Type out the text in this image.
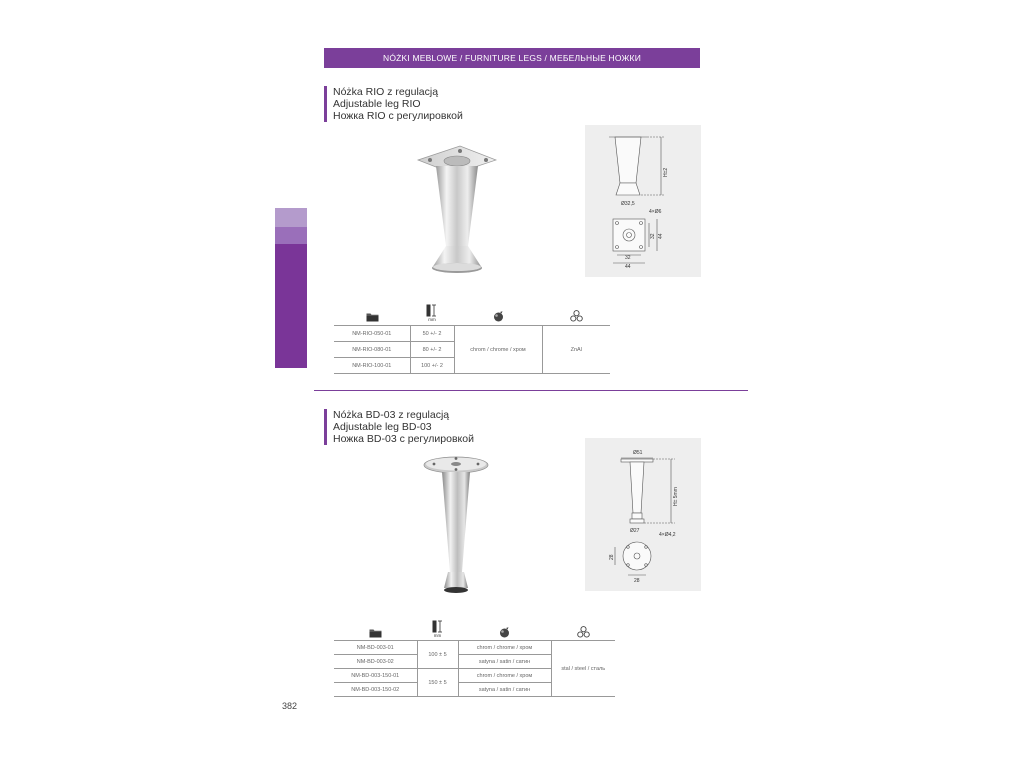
NÓŻKI MEBLOWE / FURNITURE LEGS / МЕБЕЛЬНЫЕ НОЖКИ
Nóżka RIO z regulacją
Adjustable leg RIO
Ножка RIO с регулировкой
H±2
Ø32,5
4×Ø6
32 44
32
44
mm
NM-RIO-050-01	50 +/- 2	chrom / chrome / хром	ZnAl
NM-RIO-080-01	80 +/- 2		
NM-RIO-100-01	100 +/- 2		
Nóżka BD-03 z regulacją
Adjustable leg BD-03
Ножка BD-03 с регулировкой
Ø51
H± 5mm
Ø27
4×Ø4,2
28
28
mm
NM-BD-003-01	100 ± 5	chrom / chrome / хром	stal / steel / сталь
NM-BD-003-02		satyna / satin / сатин	
NM-BD-003-150-01	150 ± 5	chrom / chrome / хром	
NM-BD-003-150-02		satyna / satin / сатин	
382
